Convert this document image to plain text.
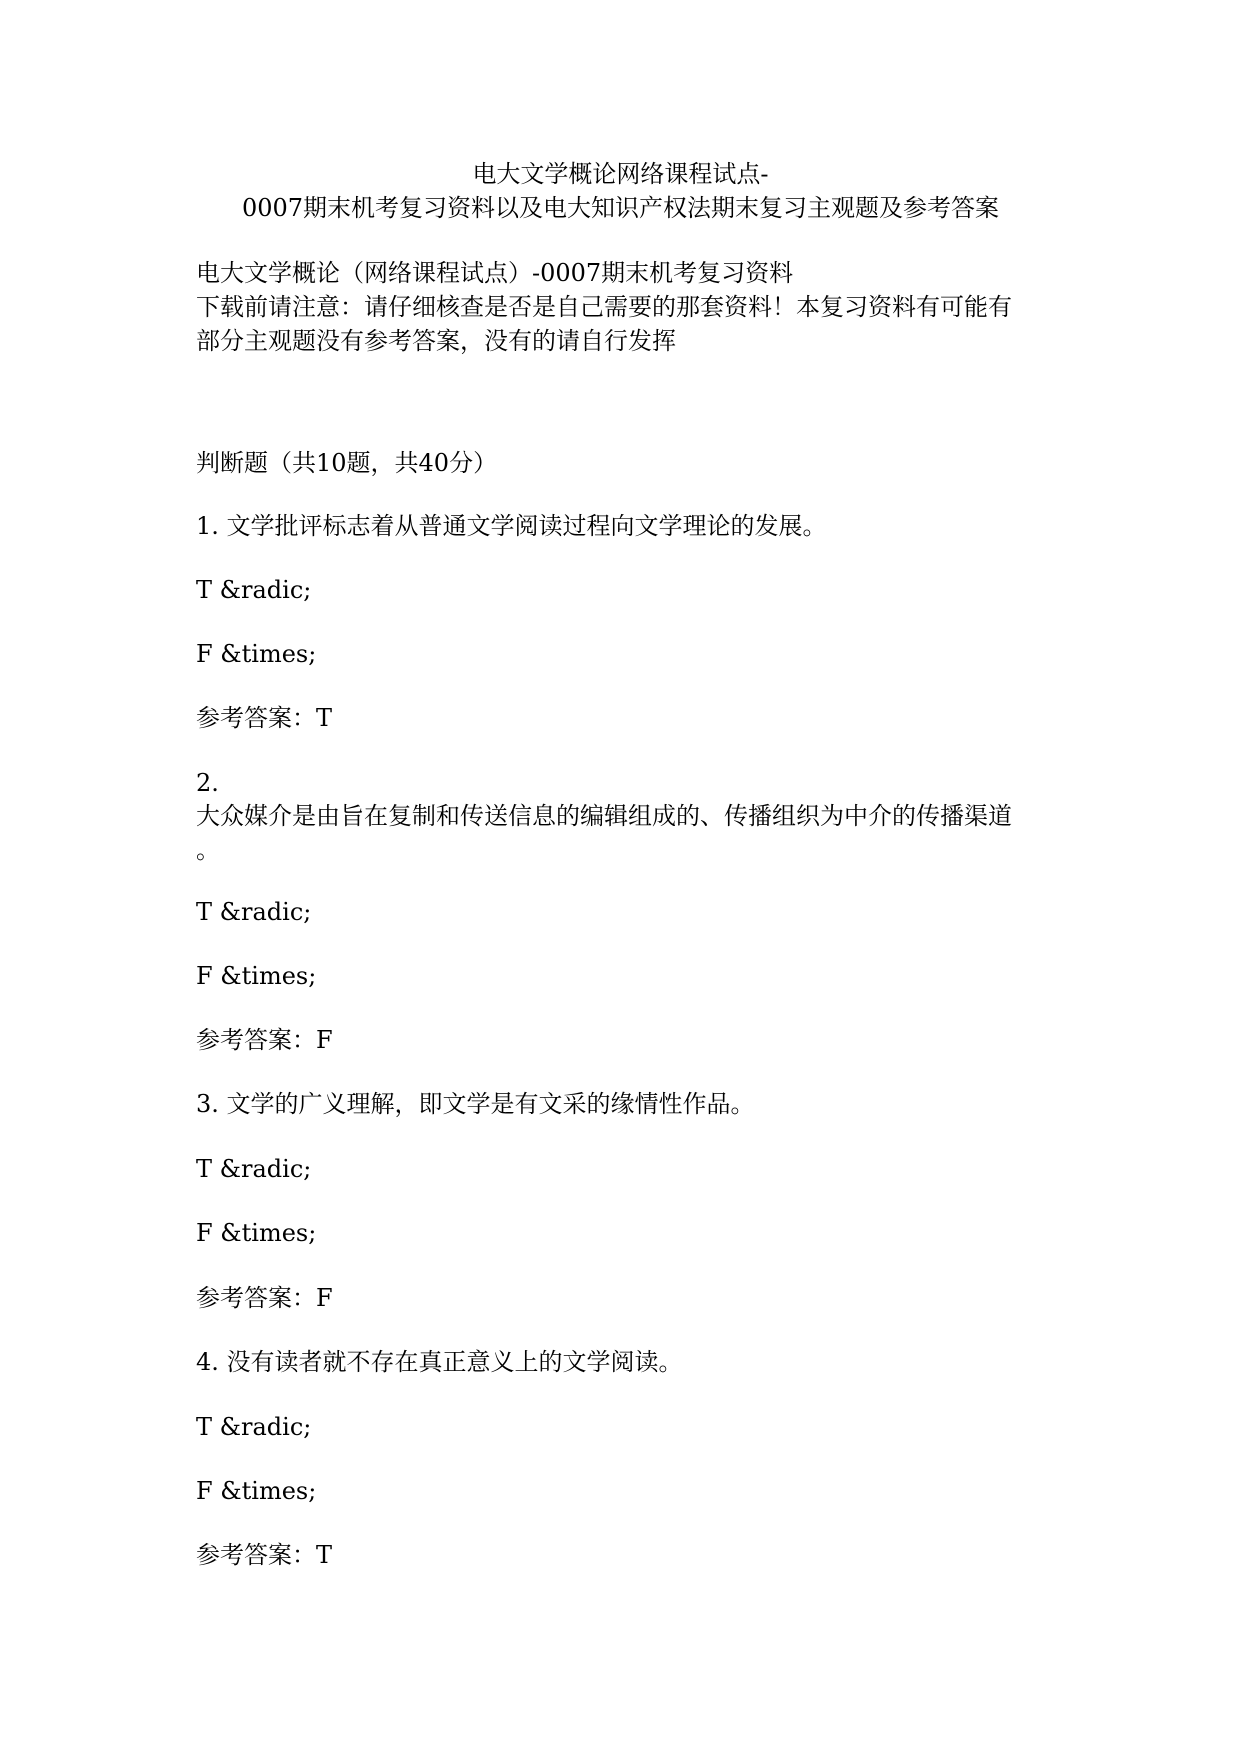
电大文学概论网络课程试点-
0007期末机考复习资料以及电大知识产权法期末复习主观题及参考答案
电大文学概论（网络课程试点）-0007期末机考复习资料
下载前请注意：请仔细核查是否是自己需要的那套资料！本复习资料有可能有
部分主观题没有参考答案，没有的请自行发挥
判断题（共10题，共40分）
1. 文学批评标志着从普通文学阅读过程向文学理论的发展。
T &radic;
F &times;
参考答案：T
2.
大众媒介是由旨在复制和传送信息的编辑组成的、传播组织为中介的传播渠道
。
T &radic;
F &times;
参考答案：F
3. 文学的广义理解，即文学是有文采的缘情性作品。
T &radic;
F &times;
参考答案：F
4. 没有读者就不存在真正意义上的文学阅读。
T &radic;
F &times;
参考答案：T
